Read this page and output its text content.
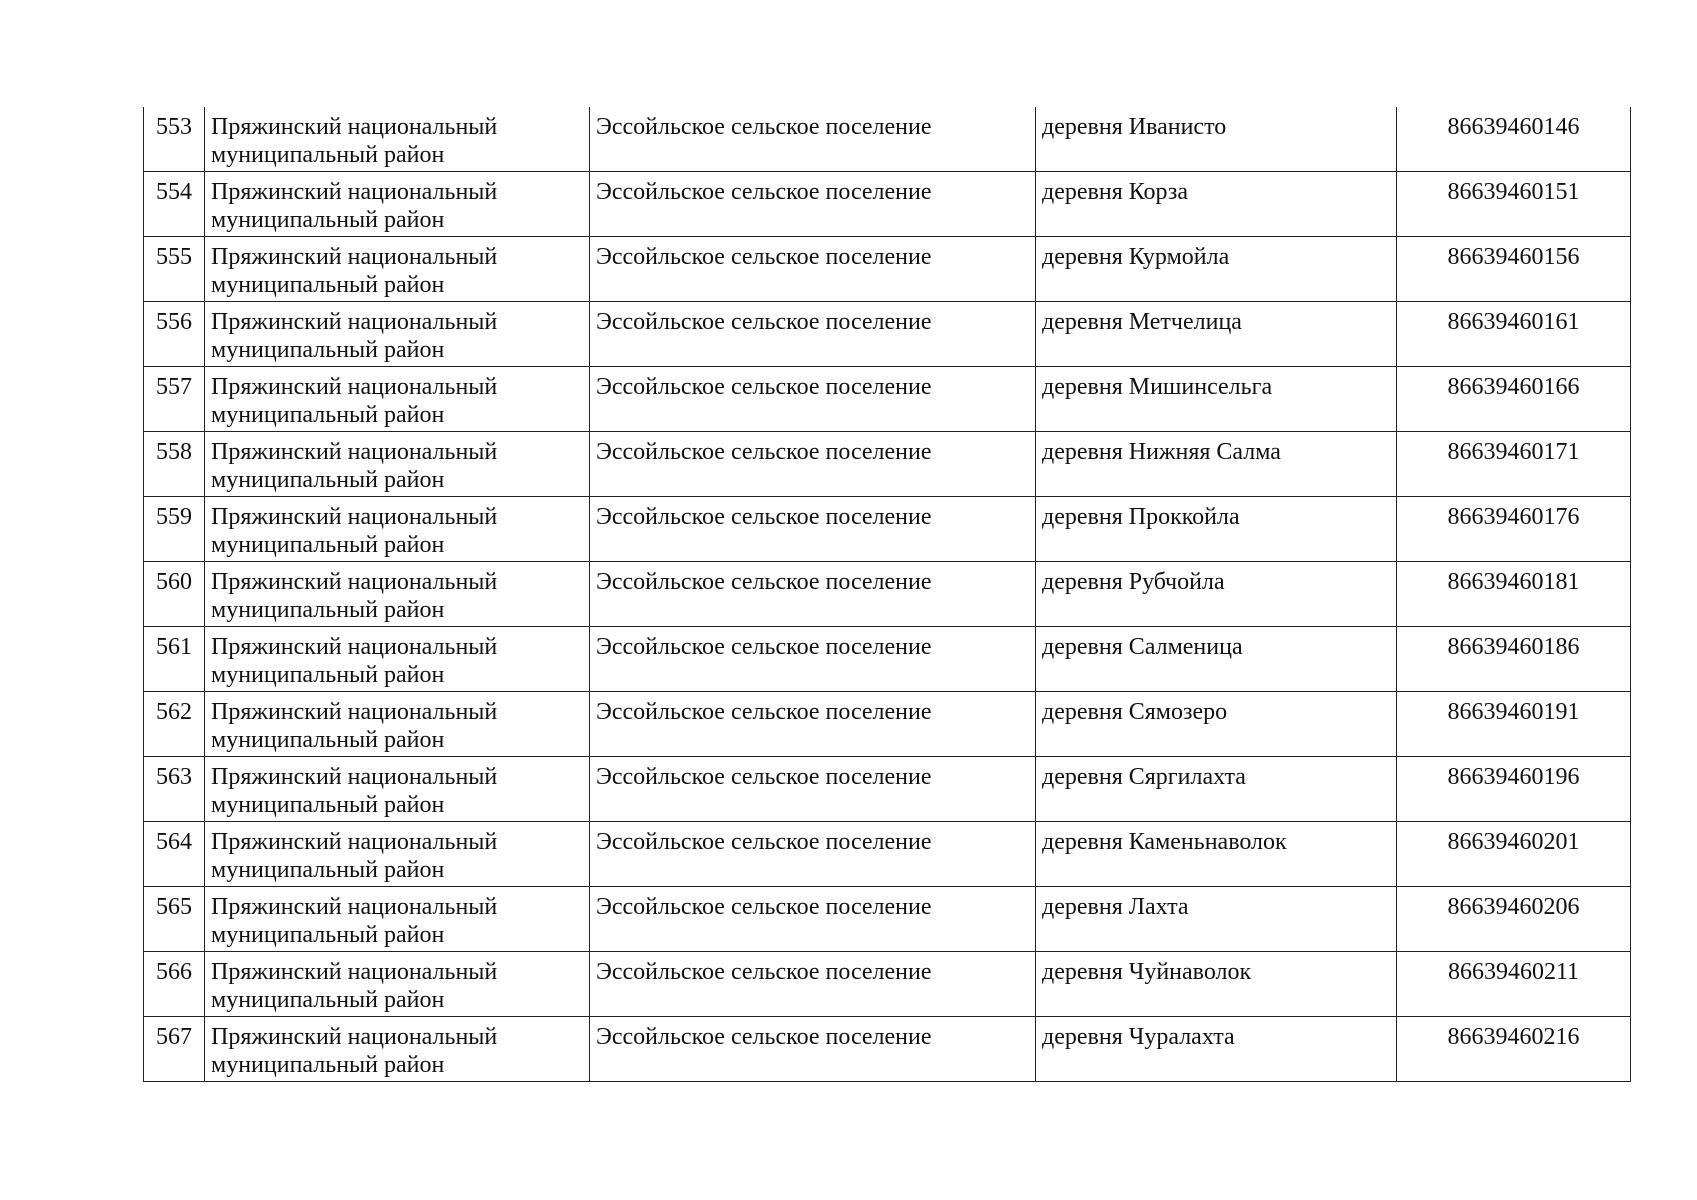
553	Пряжинский национальный
муниципальный район	Эссойльское сельское поселение	деревня Иванисто	86639460146
554	Пряжинский национальный
муниципальный район	Эссойльское сельское поселение	деревня Корза	86639460151
555	Пряжинский национальный
муниципальный район	Эссойльское сельское поселение	деревня Курмойла	86639460156
556	Пряжинский национальный
муниципальный район	Эссойльское сельское поселение	деревня Метчелица	86639460161
557	Пряжинский национальный
муниципальный район	Эссойльское сельское поселение	деревня Мишинсельга	86639460166
558	Пряжинский национальный
муниципальный район	Эссойльское сельское поселение	деревня Нижняя Салма	86639460171
559	Пряжинский национальный
муниципальный район	Эссойльское сельское поселение	деревня Проккойла	86639460176
560	Пряжинский национальный
муниципальный район	Эссойльское сельское поселение	деревня Рубчойла	86639460181
561	Пряжинский национальный
муниципальный район	Эссойльское сельское поселение	деревня Салменица	86639460186
562	Пряжинский национальный
муниципальный район	Эссойльское сельское поселение	деревня Сямозеро	86639460191
563	Пряжинский национальный
муниципальный район	Эссойльское сельское поселение	деревня Сяргилахта	86639460196
564	Пряжинский национальный
муниципальный район	Эссойльское сельское поселение	деревня Каменьнаволок	86639460201
565	Пряжинский национальный
муниципальный район	Эссойльское сельское поселение	деревня Лахта	86639460206
566	Пряжинский национальный
муниципальный район	Эссойльское сельское поселение	деревня Чуйнаволок	86639460211
567	Пряжинский национальный
муниципальный район	Эссойльское сельское поселение	деревня Чуралахта	86639460216
